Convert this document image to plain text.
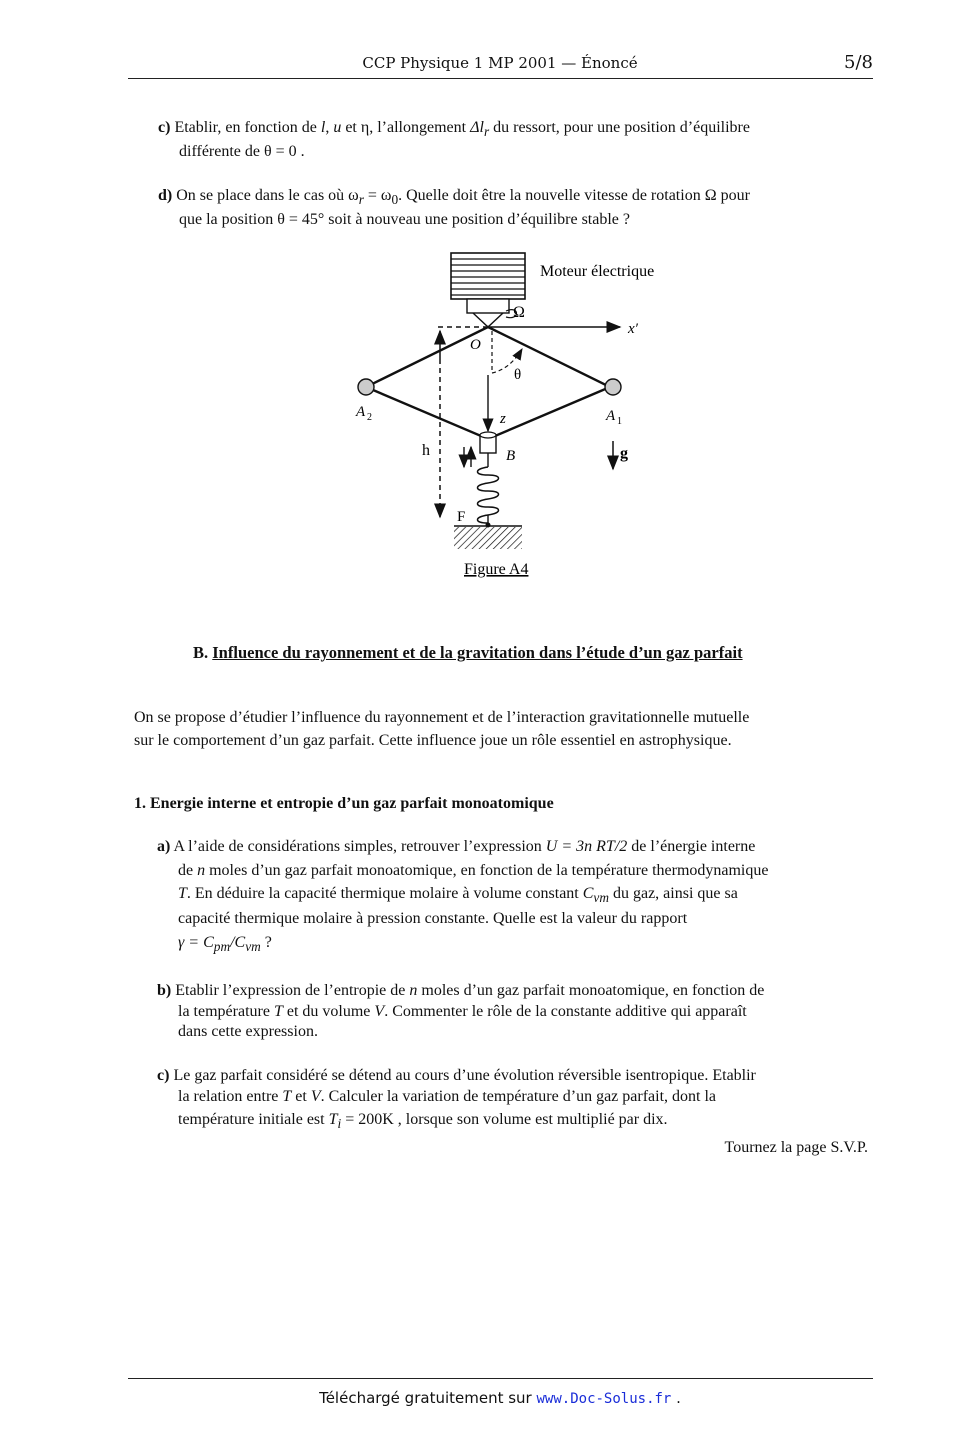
CCP Physique 1 MP 2001 — Énoncé	5/8
c) Etablir, en fonction de l, u et η, l’allongement $\Delta l_r$ du ressort, pour une position d’équilibre
différente de θ = 0 .
d) On se place dans le cas où $\omega_r = \omega_0$. Quelle doit être la nouvelle vitesse de rotation Ω pour
que la position θ = 45° soit à nouveau une position d’équilibre stable ?
Ω
Moteur électrique
x′
O
A 2	A 1
θ
z
h	B
F
g
Figure A4
B. Influence du rayonnement et de la gravitation dans l’étude d’un gaz parfait
On se propose d’étudier l’influence du rayonnement et de l’interaction gravitationnelle mutuelle
sur le comportement d’un gaz parfait. Cette influence joue un rôle essentiel en astrophysique.
1. Energie interne et entropie d’un gaz parfait monoatomique
a) A l’aide de considérations simples, retrouver l’expression U = 3n RT/2 de l’énergie interne
de n moles d’un gaz parfait monoatomique, en fonction de la température thermodynamique
T. En déduire la capacité thermique molaire à volume constant $C_{vm}$ du gaz, ainsi que sa
capacité thermique molaire à pression constante. Quelle est la valeur du rapport
$\gamma = C_{pm}/C_{vm}$ ?
b) Etablir l’expression de l’entropie de n moles d’un gaz parfait monoatomique, en fonction de
la température T et du volume V. Commenter le rôle de la constante additive qui apparaît
dans cette expression.
c) Le gaz parfait considéré se détend au cours d’une évolution réversible isentropique. Etablir
la relation entre T et V. Calculer la variation de température d’un gaz parfait, dont la
température initiale est $T_i = 200K$ , lorsque son volume est multiplié par dix.
Tournez la page S.V.P.
Téléchargé gratuitement sur www.Doc-Solus.fr .
